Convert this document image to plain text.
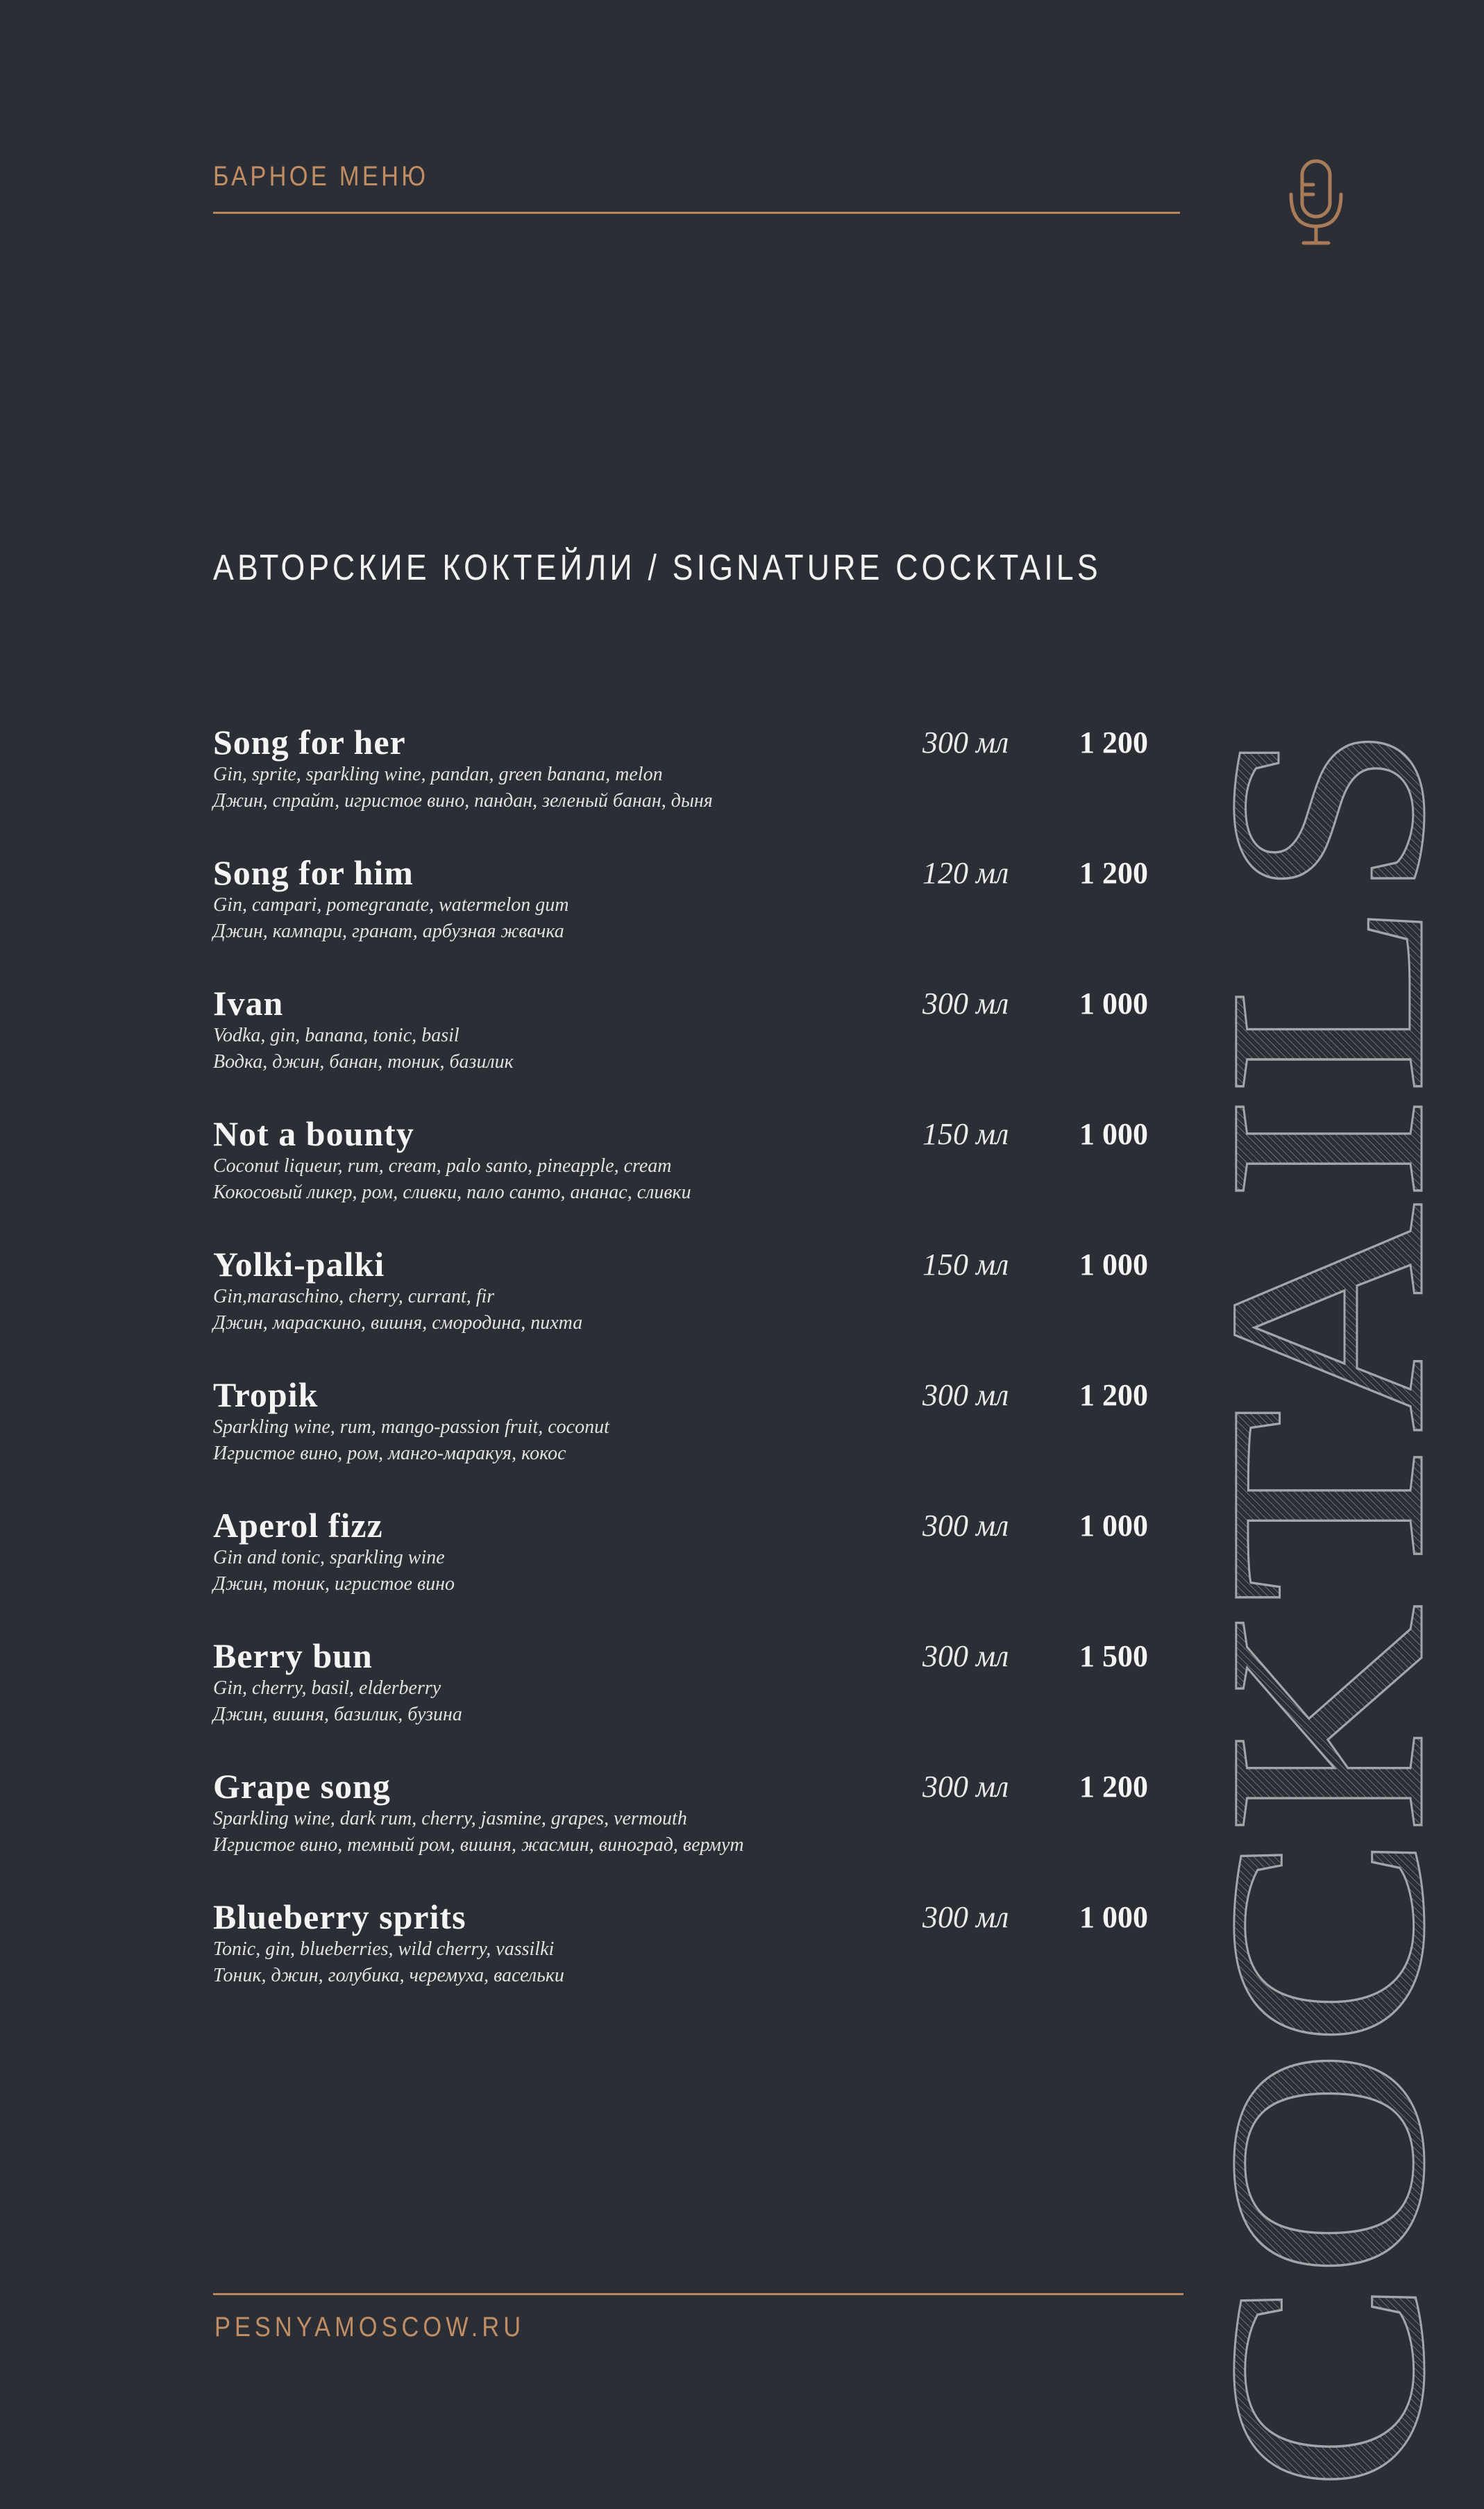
БАРНОЕ МЕНЮ
АВТОРСКИЕ КОКТЕЙЛИ / SIGNATURE COCKTAILS
Song for her
Gin, sprite, sparkling wine, pandan, green banana, melon
Джин, спрайт, игристое вино, пандан, зеленый банан, дыня
300 мл 1 200
Song for him
Gin, campari, pomegranate, watermelon gum
Джин, кампари, гранат, арбузная жвачка
120 мл 1 200
Ivan
Vodka, gin, banana, tonic, basil
Водка, джин, банан, тоник, базилик
300 мл 1 000
Not a bounty
Coconut liqueur, rum, cream, palo santo, pineapple, cream
Кокосовый ликер, ром, сливки, пало санто, ананас, сливки
150 мл 1 000
Yolki-palki
Gin,maraschino, cherry, currant, fir
Джин, мараскино, вишня, смородина, пихта
150 мл 1 000
Tropik
Sparkling wine, rum, mango-passion fruit, coconut
Игристое вино, ром, манго-маракуя, кокос
300 мл 1 200
Aperol fizz
Gin and tonic, sparkling wine
Джин, тоник, игристое вино
300 мл 1 000
Berry bun
Gin, cherry, basil, elderberry
Джин, вишня, базилик, бузина
300 мл 1 500
Grape song
Sparkling wine, dark rum, cherry, jasmine, grapes, vermouth
Игристое вино, темный ром, вишня, жасмин, виноград, вермут
300 мл 1 200
Blueberry sprits
Tonic, gin, blueberries, wild cherry, vassilki
Тоник, джин, голубика, черемуха, васельки
300 мл 1 000 COCKTAILS
PESNYAMOSCOW.RU
